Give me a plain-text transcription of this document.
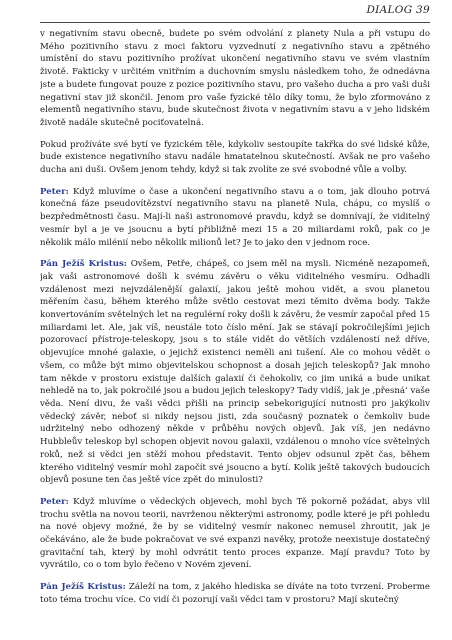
DIALOG 39

v negativním stavu obecně, budete po svém odvolání z planety Nula a při vstupu do Mého pozitivního stavu z moci faktoru vyzvednutí z negativního stavu a zpětného umístění do stavu pozitivního prožívat ukončení negativního stavu ve svém vlastním životě. Fakticky v určitém vnitřním a duchovním smyslu následkem toho, že odnedávna jste a budete fungovat pouze z pozice pozitivního stavu, pro vašeho ducha a pro vaši duši negativní stav již skončil. Jenom pro vaše fyzické tělo díky tomu, že bylo zformováno z elementů negativního stavu, bude skutečnost života v negativním stavu a v jeho lidském životě nadále skutečně pociťovatelná.

Pokud prožíváte své bytí ve fyzickém těle, kdykoliv sestoupíte takřka do své lidské kůže, bude existence negativního stavu nadále hmatatelnou skutečností. Avšak ne pro vašeho ducha ani duši. Ovšem jenom tehdy, když si tak zvolíte ze své svobodné vůle a volby.

Peter: Když mluvíme o čase a ukončení negativního stavu a o tom, jak dlouho potrvá konečná fáze pseudovítězství negativního stavu na planetě Nula, chápu, co myslíš o bezpředmětnosti času. Mají-li naši astronomové pravdu, když se domnívají, že viditelný vesmír byl a je ve jsoucnu a bytí přibližně mezi 15 a 20 miliardami roků, pak co je několik málo milénií nebo několik milionů let? Je to jako den v jednom roce.

Pán Ježíš Kristus: Ovšem, Petře, chápeš, co jsem měl na mysli. Nicméně nezapomeň, jak vaši astronomové došli k svému závěru o věku viditelného vesmíru. Odhadli vzdálenost mezi nejvzdálenější galaxií, jakou ještě mohou vidět, a svou planetou měřením času, během kterého může světlo cestovat mezi těmito dvěma body. Takže konvertováním světelných let na regulérní roky došli k závěru, že vesmír započal před 15 miliardami let. Ale, jak víš, neustále toto číslo mění. Jak se stávají pokročilejšími jejich pozorovací přístroje-teleskopy, jsou s to stále vidět do větších vzdáleností než dříve, objevujíce mnohé galaxie, o jejichž existenci neměli ani tušení. Ale co mohou vědět o všem, co může být mimo objevitelskou schopnost a dosah jejich teleskopů? Jak mnoho tam někde v prostoru existuje dalších galaxií či čehokoliv, co jim uniká a bude unikat nehledě na to, jak pokročilé jsou a budou jejich teleskopy? Tady vidíš, jak je ‚přesná‘ vaše věda. Není divu, že vaši vědci přišli na princip sebekorigující nutnosti pro jakýkoliv vědecký závěr, neboť si nikdy nejsou jisti, zda současný poznatek o čemkoliv bude udržitelný nebo odhozený někde v průběhu nových objevů. Jak víš, jen nedávno Hubbleův teleskop byl schopen objevit novou galaxii, vzdálenou o mnoho více světelných roků, než si vědci jen stěží mohou představit. Tento objev odsunul zpět čas, během kterého viditelný vesmír mohl započít své jsoucno a bytí. Kolik ještě takových budoucích objevů posune ten čas ještě více zpět do minulosti?

Peter: Když mluvíme o vědeckých objevech, mohl bych Tě pokorně požádat, abys vlil trochu světla na novou teorii, navrženou některými astronomy, podle které je při pohledu na nové objevy možné, že by se viditelný vesmír nakonec nemusel zhroutit, jak je očekáváno, ale že bude pokračovat ve své expanzi navěky, protože neexistuje dostatečný gravitační tah, který by mohl odvrátit tento proces expanze. Mají pravdu? Toto by vyvrátilo, co o tom bylo řečeno v Novém zjevení.

Pán Ježíš Kristus: Záleží na tom, z jakého hlediska se díváte na toto tvrzení. Proberme toto téma trochu více. Co vidí či pozorují vaši vědci tam v prostoru? Mají skutečný
